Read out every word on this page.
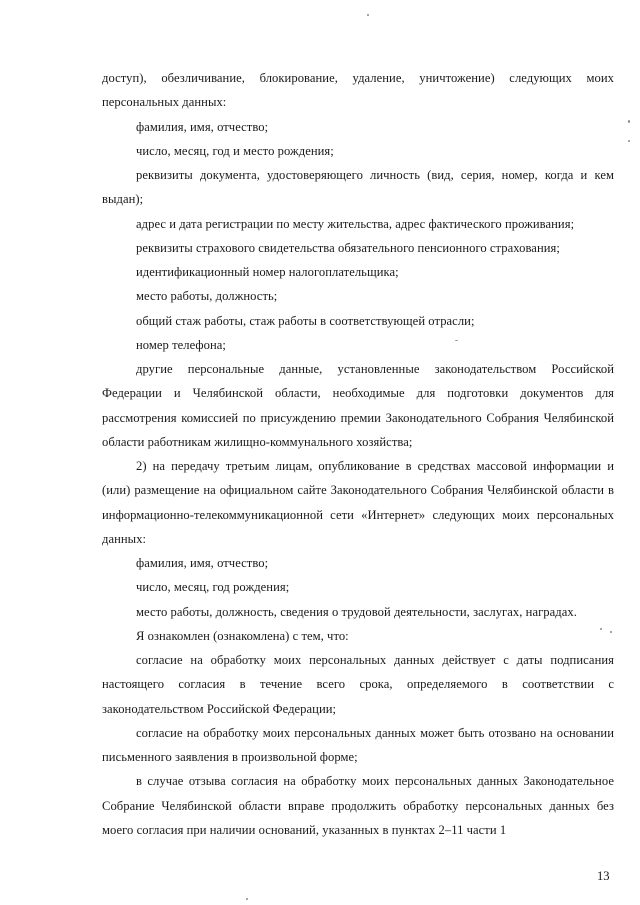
доступ), обезличивание, блокирование, удаление, уничтожение) следующих моих персональных данных:

фамилия, имя, отчество;

число, месяц, год и место рождения;

реквизиты документа, удостоверяющего личность (вид, серия, номер, когда и кем выдан);

адрес и дата регистрации по месту жительства, адрес фактического проживания;

реквизиты страхового свидетельства обязательного пенсионного страхования;

идентификационный номер налогоплательщика;

место работы, должность;

общий стаж работы, стаж работы в соответствующей отрасли;

номер телефона;

другие персональные данные, установленные законодательством Российской Федерации и Челябинской области, необходимые для подготовки документов для рассмотрения комиссией по присуждению премии Законодательного Собрания Челябинской области работникам жилищно-коммунального хозяйства;

2) на передачу третьим лицам, опубликование в средствах массовой информации и (или) размещение на официальном сайте Законодательного Собрания Челябинской области в информационно-телекоммуникационной сети «Интернет» следующих моих персональных данных:

фамилия, имя, отчество;

число, месяц, год рождения;

место работы, должность, сведения о трудовой деятельности, заслугах, наградах.

Я ознакомлен (ознакомлена) с тем, что:

согласие на обработку моих персональных данных действует с даты подписания настоящего согласия в течение всего срока, определяемого в соответствии с законодательством Российской Федерации;

согласие на обработку моих персональных данных может быть отозвано на основании письменного заявления в произвольной форме;

в случае отзыва согласия на обработку моих персональных данных Законодательное Собрание Челябинской области вправе продолжить обработку персональных данных без моего согласия при наличии оснований, указанных в пунктах 2–11 части 1

13
